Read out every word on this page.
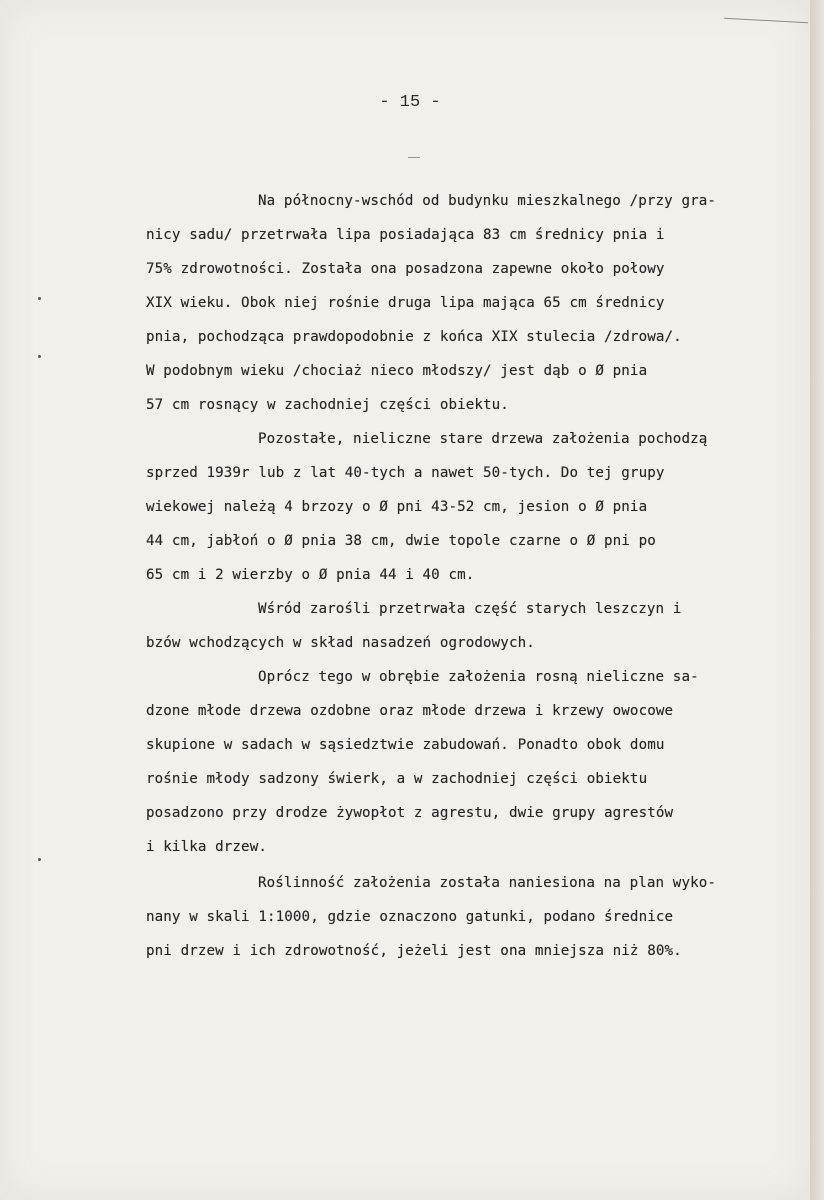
- 15 -
Na północny-wschód od budynku mieszkalnego /przy gra-
nicy sadu/ przetrwała lipa posiadająca 83 cm średnicy pnia i
75% zdrowotności. Została ona posadzona zapewne około połowy
XIX wieku. Obok niej rośnie druga lipa mająca 65 cm średnicy
pnia, pochodząca prawdopodobnie z końca XIX stulecia /zdrowa/.
W podobnym wieku /chociaż nieco młodszy/ jest dąb o Ø pnia
57 cm rosnący w zachodniej części obiektu.
Pozostałe, nieliczne stare drzewa założenia pochodzą
sprzed 1939r lub z lat 40-tych a nawet 50-tych. Do tej grupy
wiekowej należą 4 brzozy o Ø pni 43-52 cm, jesion o Ø pnia
44 cm, jabłoń o Ø pnia 38 cm, dwie topole czarne o Ø pni po
65 cm i 2 wierzby o Ø pnia 44 i 40 cm.
Wśród zarośli przetrwała część starych leszczyn i
bzów wchodzących w skład nasadzeń ogrodowych.
Oprócz tego w obrębie założenia rosną nieliczne sa-
dzone młode drzewa ozdobne oraz młode drzewa i krzewy owocowe
skupione w sadach w sąsiedztwie zabudowań. Ponadto obok domu
rośnie młody sadzony świerk, a w zachodniej części obiektu
posadzono przy drodze żywopłot z agrestu, dwie grupy agrestów
i kilka drzew.
Roślinność założenia została naniesiona na plan wyko-
nany w skali 1:1000, gdzie oznaczono gatunki, podano średnice
pni drzew i ich zdrowotność, jeżeli jest ona mniejsza niż 80%.
